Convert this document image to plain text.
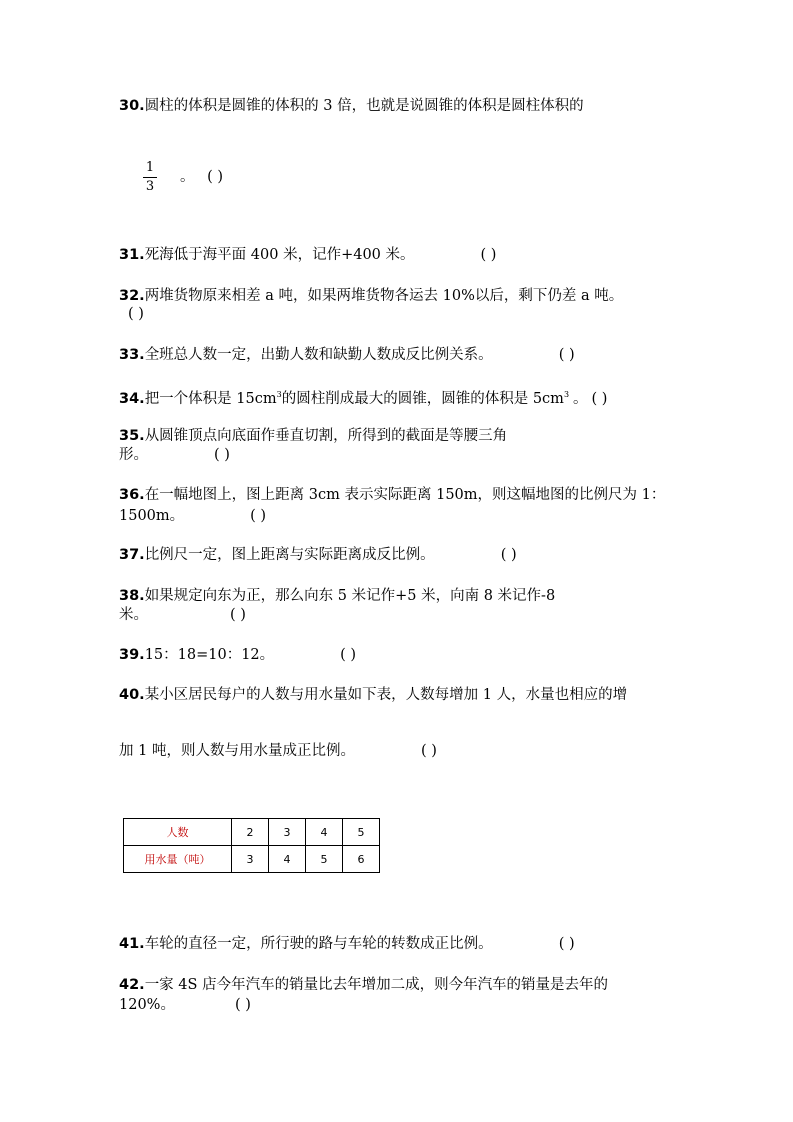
30.圆柱的体积是圆锥的体积的 3 倍，也就是说圆锥的体积是圆柱体积的
1
3
。 ( )
31.死海低于海平面 400 米，记作+400 米。	( )
32.两堆货物原来相差 a 吨，如果两堆货物各运去 10%以后，剩下仍差 a 吨。
( )
33.全班总人数一定，出勤人数和缺勤人数成反比例关系。	( )
34.把一个体积是 $15cm^3$的圆柱削成最大的圆锥，圆锥的体积是 $5cm^3$ 。 ( )
35.从圆锥顶点向底面作垂直切割，所得到的截面是等腰三角
形。	( )
36.在一幅地图上，图上距离 3cm 表示实际距离 150m，则这幅地图的比例尺为 1：
1500m。	( )
37.比例尺一定，图上距离与实际距离成反比例。	( )
38.如果规定向东为正，那么向东 5 米记作+5 米，向南 8 米记作-8
米。	( )
39.15：18=10：12。	( )
40.某小区居民每户的人数与用水量如下表，人数每增加 1 人，水量也相应的增
加 1 吨，则人数与用水量成正比例。	( )
人数	2	3	4	5
用水量（吨）	3	4	5	6
41.车轮的直径一定，所行驶的路与车轮的转数成正比例。	( )
42.一家 4S 店今年汽车的销量比去年增加二成，则今年汽车的销量是去年的
120%。	( )
